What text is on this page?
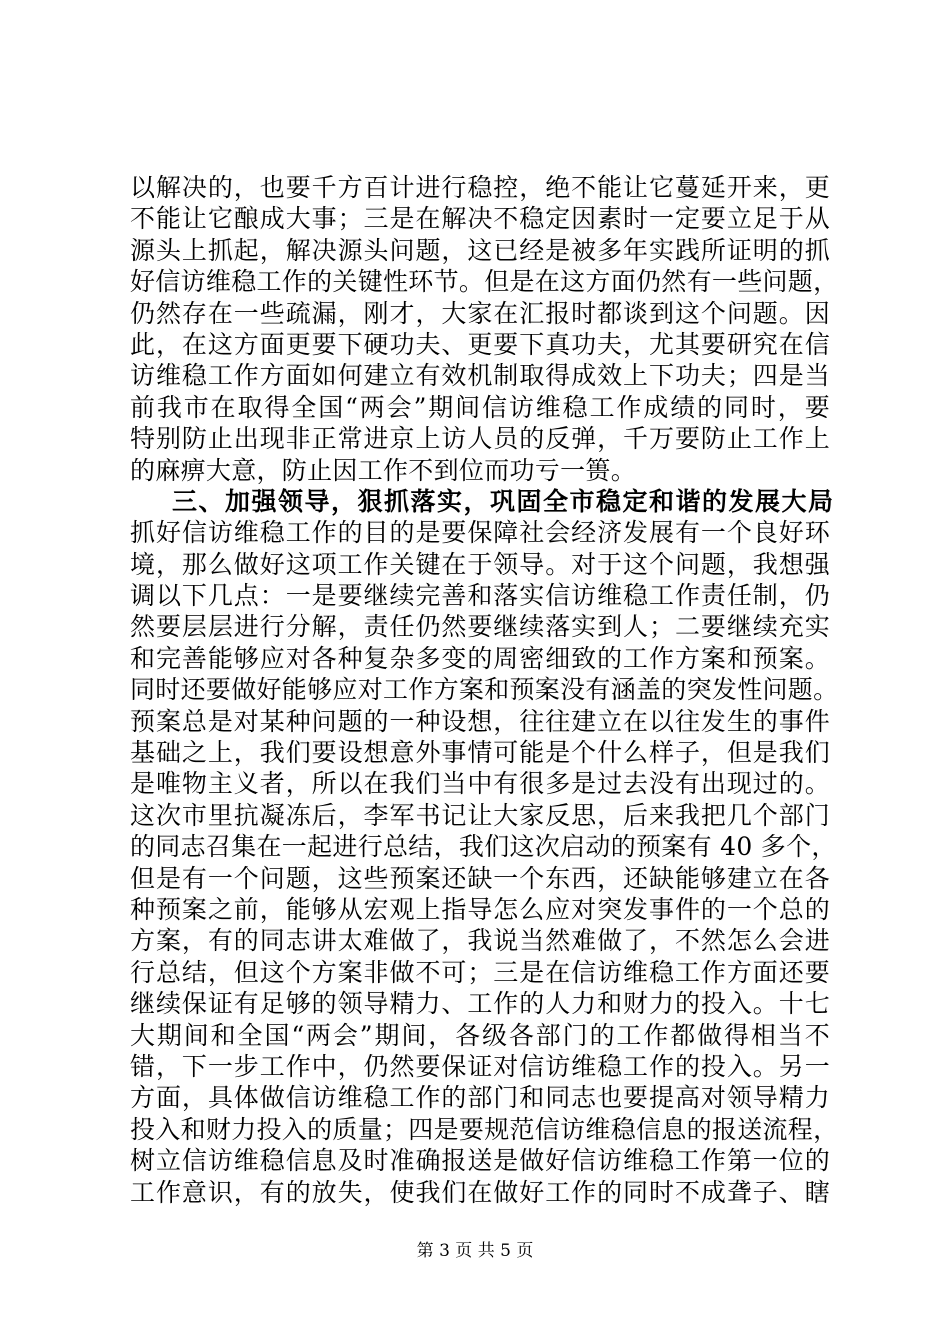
以解决的，也要千方百计进行稳控，绝不能让它蔓延开来，更
不能让它酿成大事；三是在解决不稳定因素时一定要立足于从
源头上抓起，解决源头问题，这已经是被多年实践所证明的抓
好信访维稳工作的关键性环节。但是在这方面仍然有一些问题，
仍然存在一些疏漏，刚才，大家在汇报时都谈到这个问题。因
此，在这方面更要下硬功夫、更要下真功夫，尤其要研究在信
访维稳工作方面如何建立有效机制取得成效上下功夫；四是当
前我市在取得全国“两会”期间信访维稳工作成绩的同时，要
特别防止出现非正常进京上访人员的反弹，千万要防止工作上
的麻痹大意，防止因工作不到位而功亏一篑。
三、加强领导，狠抓落实，巩固全市稳定和谐的发展大局
抓好信访维稳工作的目的是要保障社会经济发展有一个良好环
境，那么做好这项工作关键在于领导。对于这个问题，我想强
调以下几点：一是要继续完善和落实信访维稳工作责任制，仍
然要层层进行分解，责任仍然要继续落实到人；二要继续充实
和完善能够应对各种复杂多变的周密细致的工作方案和预案。
同时还要做好能够应对工作方案和预案没有涵盖的突发性问题。
预案总是对某种问题的一种设想，往往建立在以往发生的事件
基础之上，我们要设想意外事情可能是个什么样子，但是我们
是唯物主义者，所以在我们当中有很多是过去没有出现过的。
这次市里抗凝冻后，李军书记让大家反思，后来我把几个部门
的同志召集在一起进行总结，我们这次启动的预案有 40 多个，
但是有一个问题，这些预案还缺一个东西，还缺能够建立在各
种预案之前，能够从宏观上指导怎么应对突发事件的一个总的
方案，有的同志讲太难做了，我说当然难做了，不然怎么会进
行总结，但这个方案非做不可；三是在信访维稳工作方面还要
继续保证有足够的领导精力、工作的人力和财力的投入。十七
大期间和全国“两会”期间，各级各部门的工作都做得相当不
错，下一步工作中，仍然要保证对信访维稳工作的投入。另一
方面，具体做信访维稳工作的部门和同志也要提高对领导精力
投入和财力投入的质量；四是要规范信访维稳信息的报送流程，
树立信访维稳信息及时准确报送是做好信访维稳工作第一位的
工作意识，有的放失，使我们在做好工作的同时不成聋子、瞎
第 3 页 共 5 页
